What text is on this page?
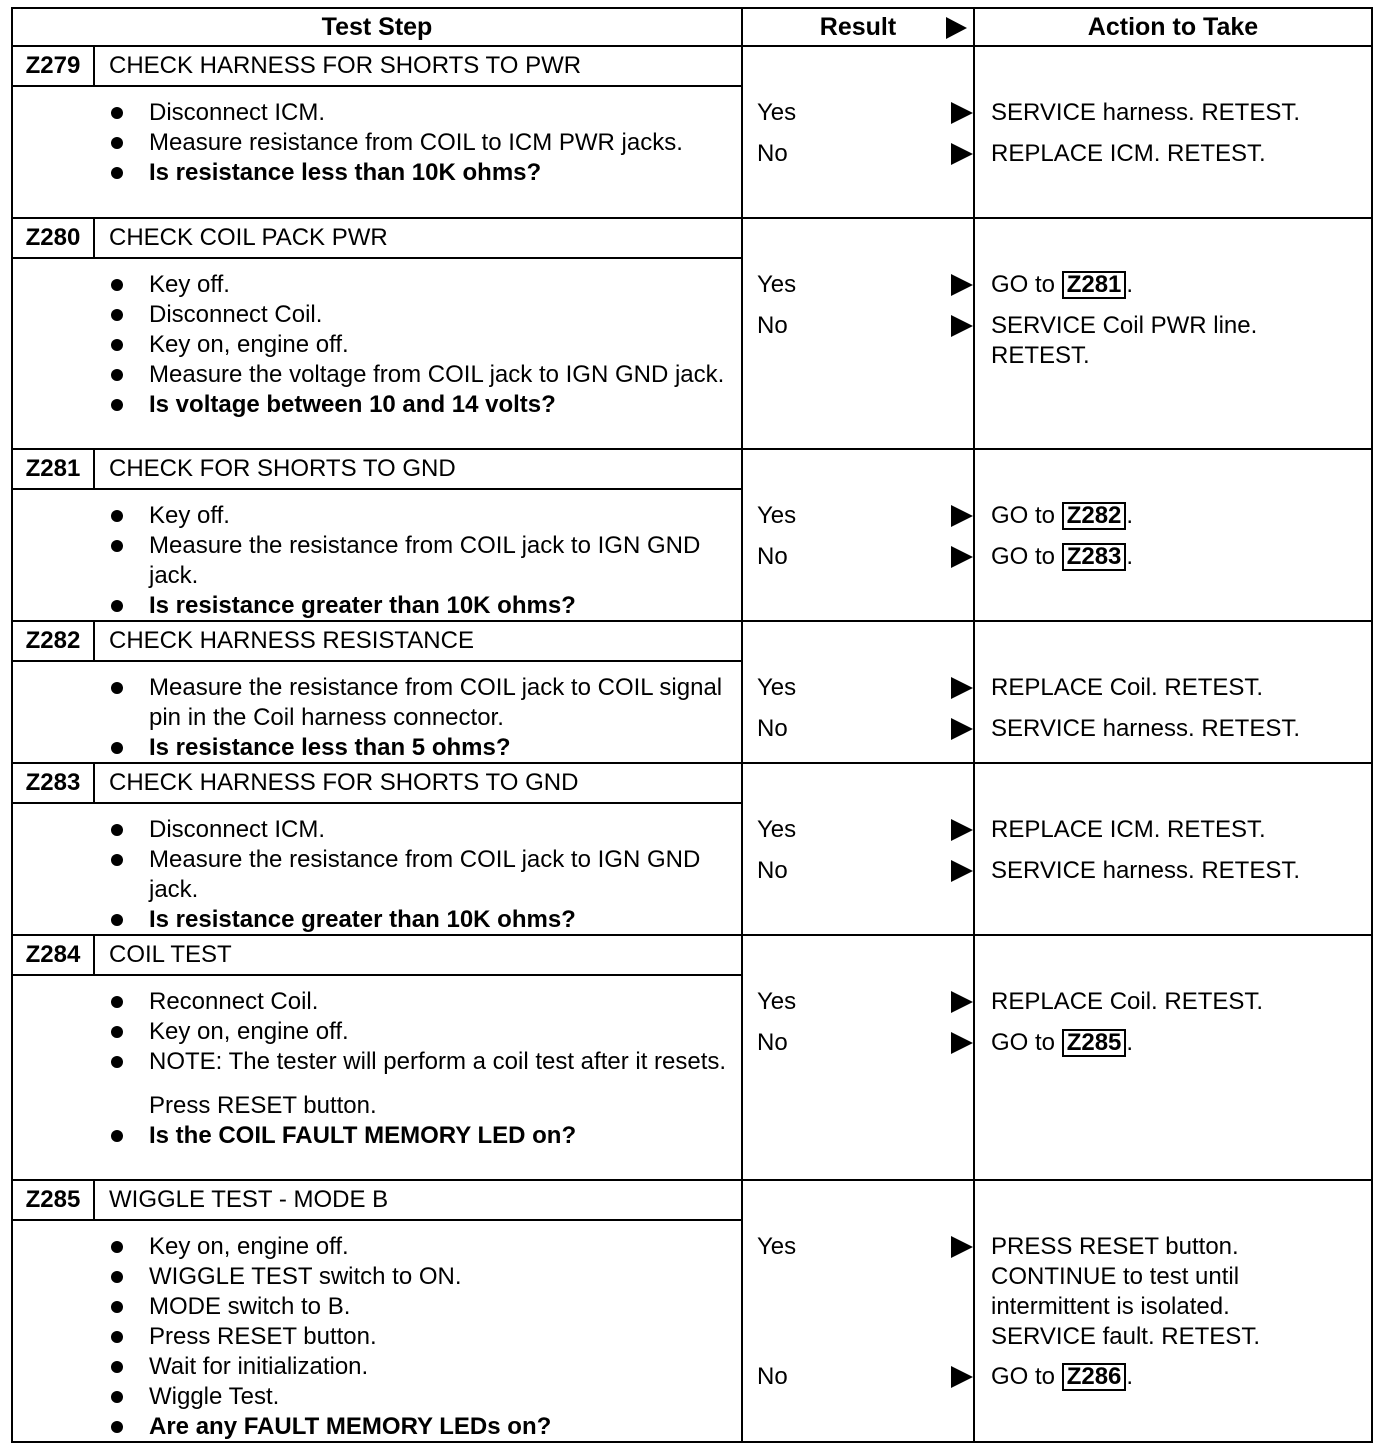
Test Step	Result	Action to Take
Z279	CHECK HARNESS FOR SHORTS TO PWR
Disconnect ICM.
Measure resistance from COIL to ICM PWR jacks.
Is resistance less than 10K ohms?
Yes	SERVICE harness. RETEST.
No	REPLACE ICM. RETEST.
Z280	CHECK COIL PACK PWR
Key off.
Disconnect Coil.
Key on, engine off.
Measure the voltage from COIL jack to IGN GND jack.
Is voltage between 10 and 14 volts?
Yes	GO to Z281 .
No	SERVICE Coil PWR line. RETEST.
Z281	CHECK FOR SHORTS TO GND
Key off.
Measure the resistance from COIL jack to IGN GND jack.
Is resistance greater than 10K ohms?
Yes	GO to Z282 .
No	GO to Z283 .
Z282	CHECK HARNESS RESISTANCE
Measure the resistance from COIL jack to COIL signal pin in the Coil harness connector.
Is resistance less than 5 ohms?
Yes	REPLACE Coil. RETEST.
No	SERVICE harness. RETEST.
Z283	CHECK HARNESS FOR SHORTS TO GND
Disconnect ICM.
Measure the resistance from COIL jack to IGN GND jack.
Is resistance greater than 10K ohms?
Yes	REPLACE ICM. RETEST.
No	SERVICE harness. RETEST.
Z284	COIL TEST
Reconnect Coil.
Key on, engine off.
NOTE: The tester will perform a coil test after it resets.
Press RESET button.
Is the COIL FAULT MEMORY LED on?
Yes	REPLACE Coil. RETEST.
No	GO to Z285 .
Z285	WIGGLE TEST - MODE B
Key on, engine off.
WIGGLE TEST switch to ON.
MODE switch to B.
Press RESET button.
Wait for initialization.
Wiggle Test.
Are any FAULT MEMORY LEDs on?
Yes	PRESS RESET button. CONTINUE to test until intermittent is isolated. SERVICE fault. RETEST.
No	GO to Z286 .
